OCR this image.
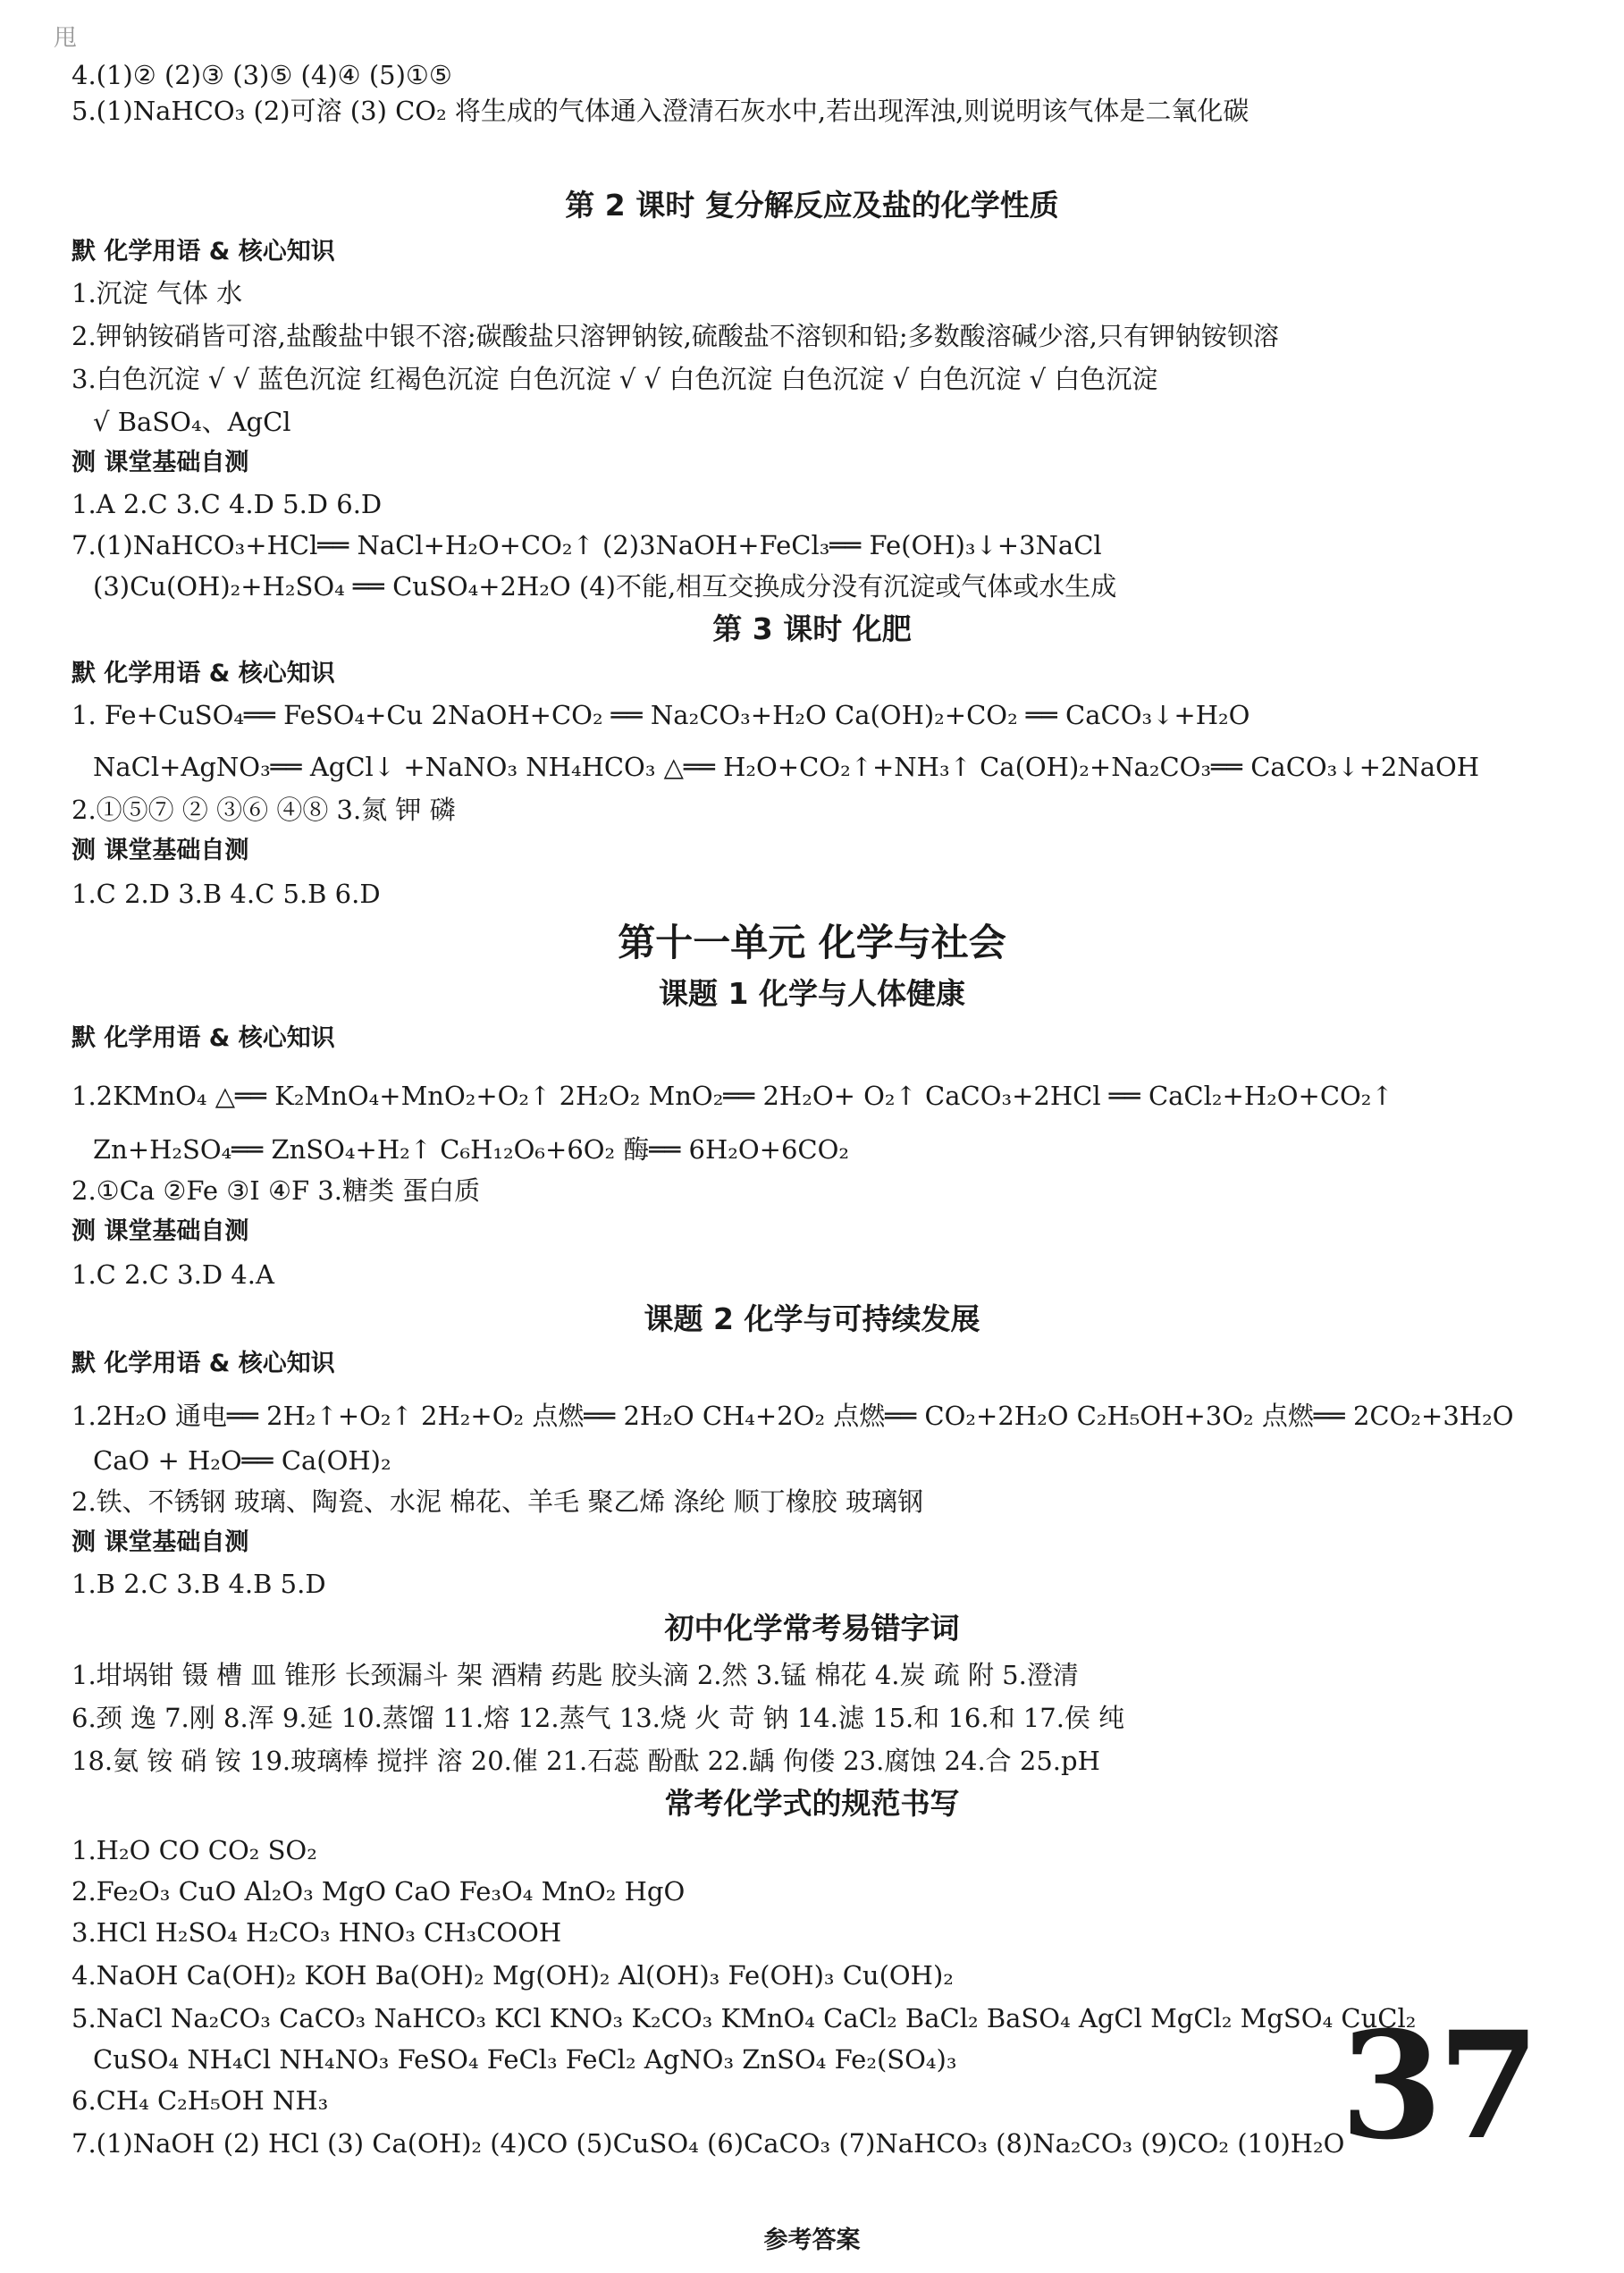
甩
4.(1)② (2)③ (3)⑤ (4)④ (5)①⑤
5.(1)NaHCO₃ (2)可溶 (3) CO₂ 将生成的气体通入澄清石灰水中,若出现浑浊,则说明该气体是二氧化碳
第 2 课时 复分解反应及盐的化学性质
默 化学用语 & 核心知识
1.沉淀 气体 水
2.钾钠铵硝皆可溶,盐酸盐中银不溶;碳酸盐只溶钾钠铵,硫酸盐不溶钡和铅;多数酸溶碱少溶,只有钾钠铵钡溶
3.白色沉淀 √ √ 蓝色沉淀 红褐色沉淀 白色沉淀 √ √ 白色沉淀 白色沉淀 √ 白色沉淀 √ 白色沉淀
√ BaSO₄、AgCl
测 课堂基础自测
1.A 2.C 3.C 4.D 5.D 6.D
7.(1)NaHCO₃+HCl══ NaCl+H₂O+CO₂↑ (2)3NaOH+FeCl₃══ Fe(OH)₃↓+3NaCl
(3)Cu(OH)₂+H₂SO₄ ══ CuSO₄+2H₂O (4)不能,相互交换成分没有沉淀或气体或水生成
第 3 课时 化肥
默 化学用语 & 核心知识
1. Fe+CuSO₄══ FeSO₄+Cu 2NaOH+CO₂ ══ Na₂CO₃+H₂O Ca(OH)₂+CO₂ ══ CaCO₃↓+H₂O
NaCl+AgNO₃══ AgCl↓ +NaNO₃ NH₄HCO₃ △══ H₂O+CO₂↑+NH₃↑ Ca(OH)₂+Na₂CO₃══ CaCO₃↓+2NaOH
2.①⑤⑦ ② ③⑥ ④⑧ 3.氮 钾 磷
测 课堂基础自测
1.C 2.D 3.B 4.C 5.B 6.D
第十一单元 化学与社会
课题 1 化学与人体健康
默 化学用语 & 核心知识
1.2KMnO₄ △══ K₂MnO₄+MnO₂+O₂↑ 2H₂O₂ MnO₂══ 2H₂O+ O₂↑ CaCO₃+2HCl ══ CaCl₂+H₂O+CO₂↑
Zn+H₂SO₄══ ZnSO₄+H₂↑ C₆H₁₂O₆+6O₂ 酶══ 6H₂O+6CO₂
2.①Ca ②Fe ③I ④F 3.糖类 蛋白质
测 课堂基础自测
1.C 2.C 3.D 4.A
课题 2 化学与可持续发展
默 化学用语 & 核心知识
1.2H₂O 通电══ 2H₂↑+O₂↑ 2H₂+O₂ 点燃══ 2H₂O CH₄+2O₂ 点燃══ CO₂+2H₂O C₂H₅OH+3O₂ 点燃══ 2CO₂+3H₂O
CaO + H₂O══ Ca(OH)₂
2.铁、不锈钢 玻璃、陶瓷、水泥 棉花、羊毛 聚乙烯 涤纶 顺丁橡胶 玻璃钢
测 课堂基础自测
1.B 2.C 3.B 4.B 5.D
初中化学常考易错字词
1.坩埚钳 镊 槽 皿 锥形 长颈漏斗 架 酒精 药匙 胶头滴 2.然 3.锰 棉花 4.炭 疏 附 5.澄清
6.颈 逸 7.刚 8.浑 9.延 10.蒸馏 11.熔 12.蒸气 13.烧 火 苛 钠 14.滤 15.和 16.和 17.侯 纯
18.氨 铵 硝 铵 19.玻璃棒 搅拌 溶 20.催 21.石蕊 酚酞 22.龋 佝偻 23.腐蚀 24.合 25.pH
常考化学式的规范书写
1.H₂O CO CO₂ SO₂
2.Fe₂O₃ CuO Al₂O₃ MgO CaO Fe₃O₄ MnO₂ HgO
3.HCl H₂SO₄ H₂CO₃ HNO₃ CH₃COOH
4.NaOH Ca(OH)₂ KOH Ba(OH)₂ Mg(OH)₂ Al(OH)₃ Fe(OH)₃ Cu(OH)₂
5.NaCl Na₂CO₃ CaCO₃ NaHCO₃ KCl KNO₃ K₂CO₃ KMnO₄ CaCl₂ BaCl₂ BaSO₄ AgCl MgCl₂ MgSO₄ CuCl₂
CuSO₄ NH₄Cl NH₄NO₃ FeSO₄ FeCl₃ FeCl₂ AgNO₃ ZnSO₄ Fe₂(SO₄)₃
6.CH₄ C₂H₅OH NH₃
7.(1)NaOH (2) HCl (3) Ca(OH)₂ (4)CO (5)CuSO₄ (6)CaCO₃ (7)NaHCO₃ (8)Na₂CO₃ (9)CO₂ (10)H₂O
37
参考答案
